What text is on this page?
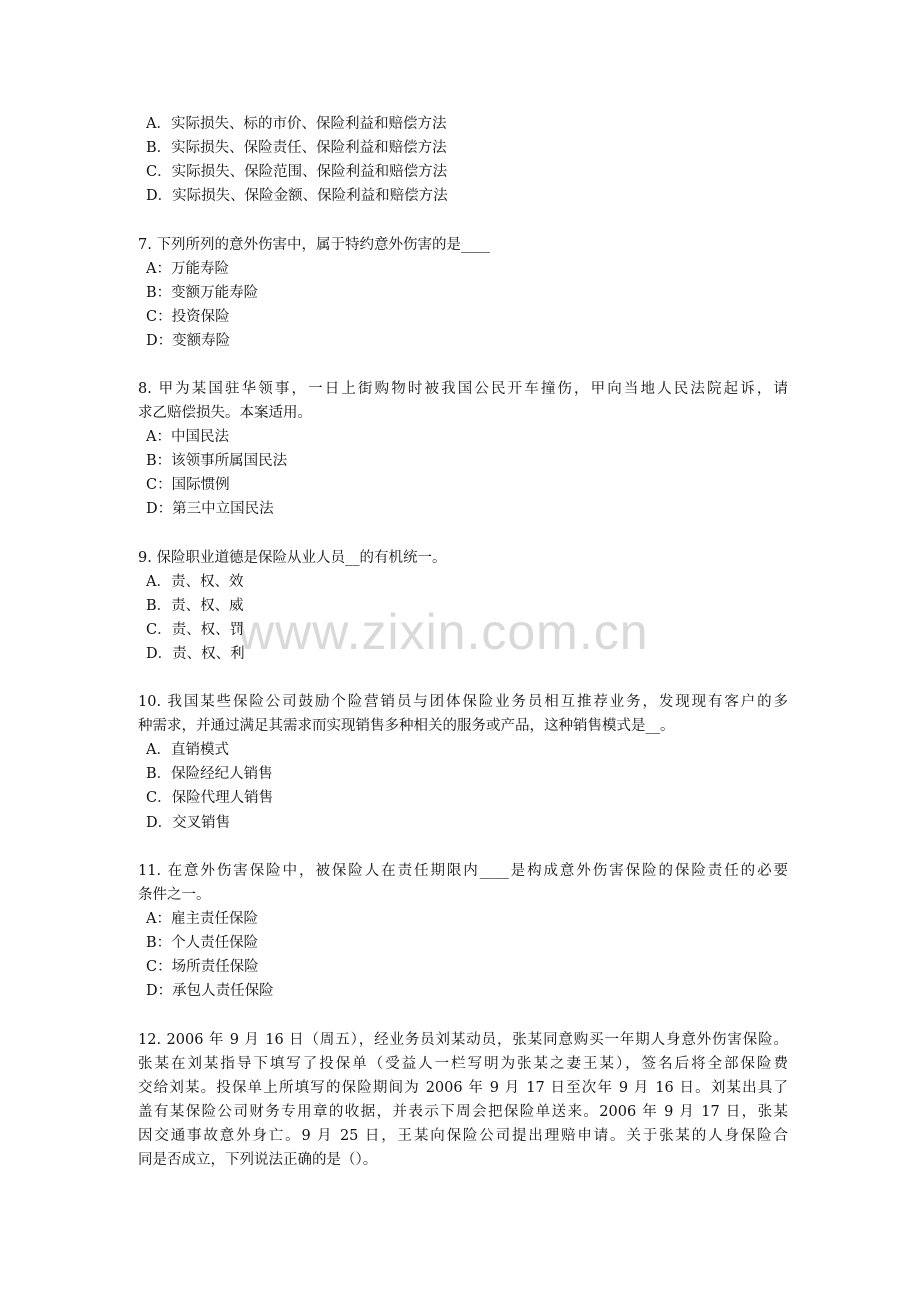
www.zixin.com.cn
A．实际损失、标的市价、保险利益和赔偿方法
B．实际损失、保险责任、保险利益和赔偿方法
C．实际损失、保险范围、保险利益和赔偿方法
D．实际损失、保险金额、保险利益和赔偿方法
7. 下列所列的意外伤害中，属于特约意外伤害的是____
A：万能寿险
B：变额万能寿险
C：投资保险
D：变额寿险
8. 甲为某国驻华领事，一日上街购物时被我国公民开车撞伤，甲向当地人民法院起诉，请
求乙赔偿损失。本案适用。
A：中国民法
B：该领事所属国民法
C：国际惯例
D：第三中立国民法
9. 保险职业道德是保险从业人员__的有机统一。
A．责、权、效
B．责、权、威
C．责、权、罚
D．责、权、利
10. 我国某些保险公司鼓励个险营销员与团体保险业务员相互推荐业务，发现现有客户的多
种需求，并通过满足其需求而实现销售多种相关的服务或产品，这种销售模式是__。
A．直销模式
B．保险经纪人销售
C．保险代理人销售
D．交叉销售
11. 在意外伤害保险中，被保险人在责任期限内____是构成意外伤害保险的保险责任的必要
条件之一。
A：雇主责任保险
B：个人责任保险
C：场所责任保险
D：承包人责任保险
12. 2006 年 9 月 16 日（周五），经业务员刘某动员，张某同意购买一年期人身意外伤害保险。
张某在刘某指导下填写了投保单（受益人一栏写明为张某之妻王某），签名后将全部保险费
交给刘某。投保单上所填写的保险期间为 2006 年 9 月 17 日至次年 9 月 16 日。刘某出具了
盖有某保险公司财务专用章的收据，并表示下周会把保险单送来。2006 年 9 月 17 日，张某
因交通事故意外身亡。9 月 25 日，王某向保险公司提出理赔申请。关于张某的人身保险合
同是否成立，下列说法正确的是（）。
